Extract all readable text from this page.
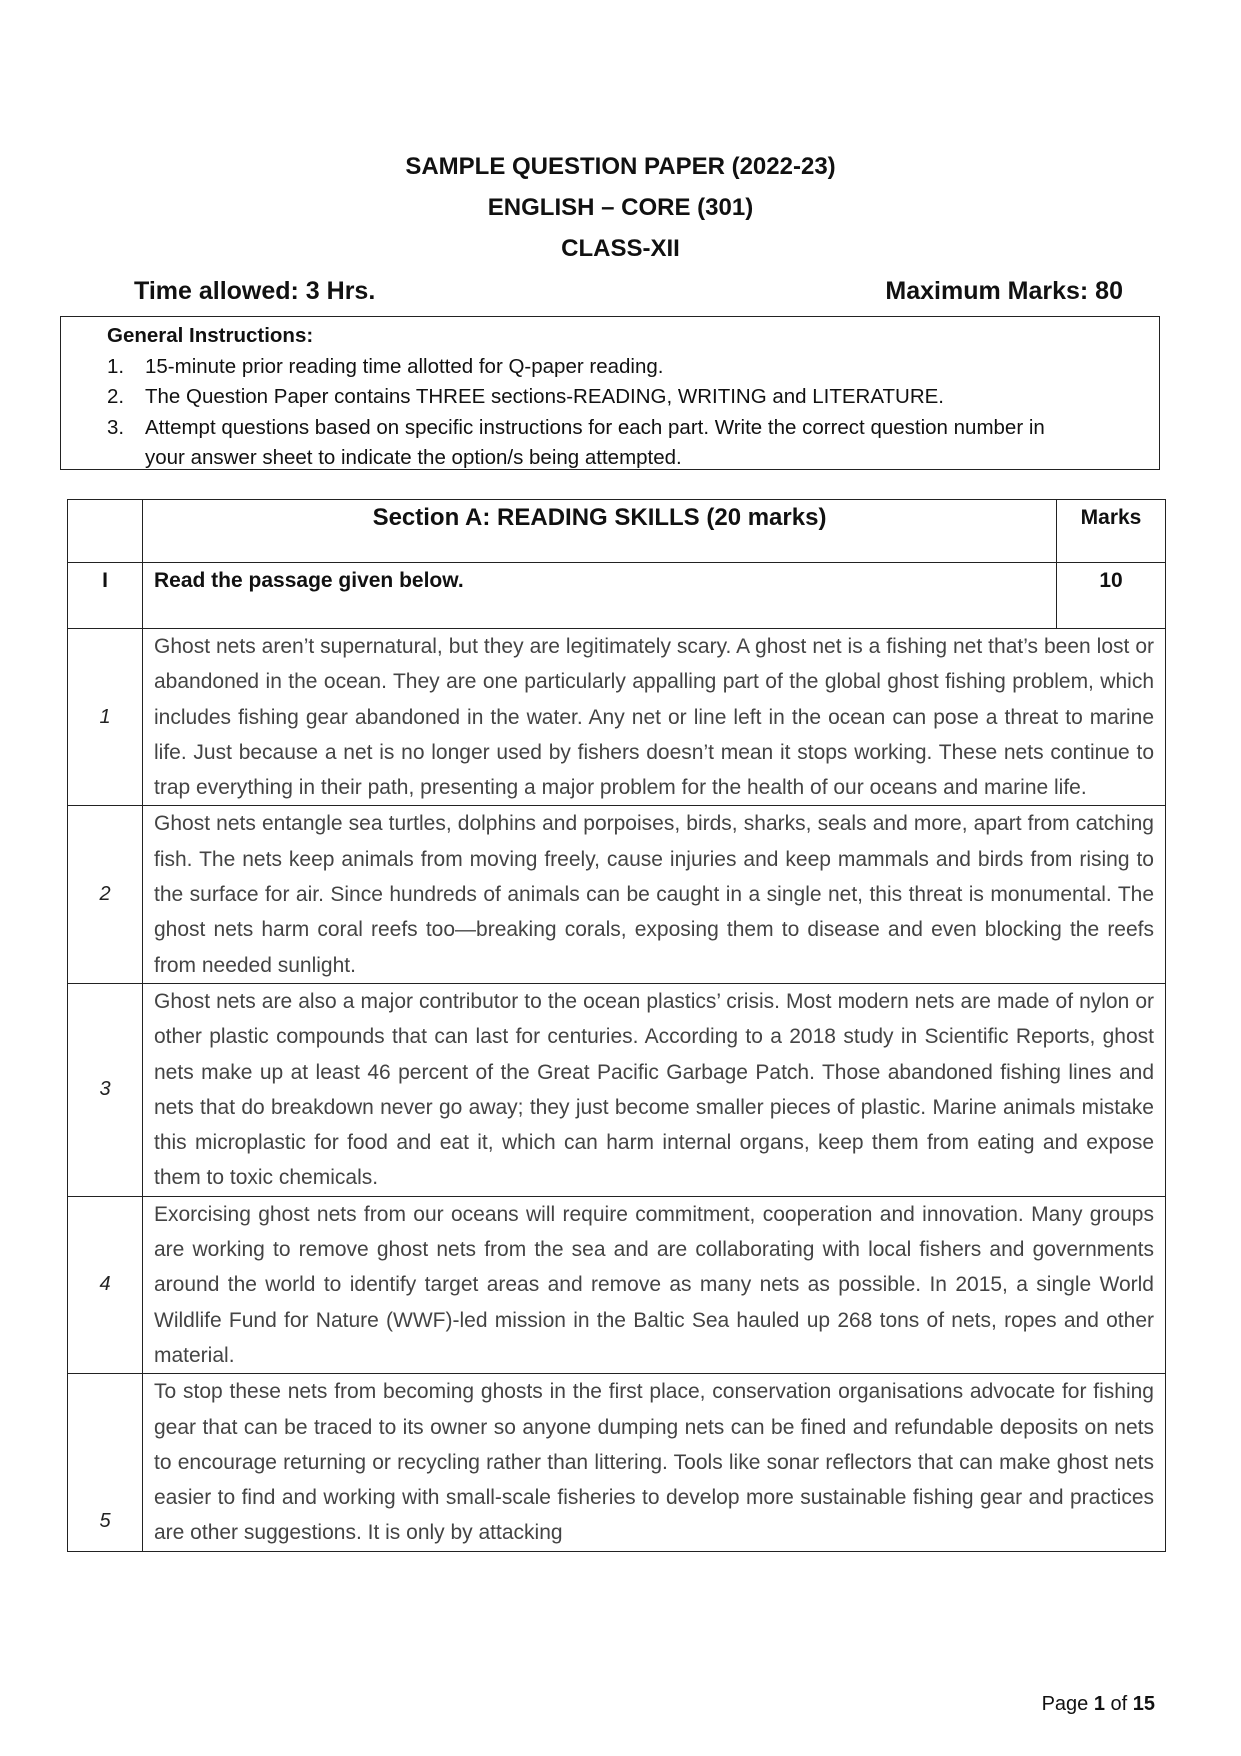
SAMPLE QUESTION PAPER (2022-23)
ENGLISH – CORE (301)
CLASS-XII
Time allowed: 3 Hrs.	Maximum Marks: 80
General Instructions:
1.	15-minute prior reading time allotted for Q-paper reading.
2.	The Question Paper contains THREE sections-READING, WRITING and LITERATURE.
3.	Attempt questions based on specific instructions for each part. Write the correct question number in your answer sheet to indicate the option/s being attempted.
	Section A: READING SKILLS (20 marks)	Marks
I	Read the passage given below.	10
1	Ghost nets aren’t supernatural, but they are legitimately scary. A ghost net is a fishing net that’s been lost or abandoned in the ocean. They are one particularly appalling part of the global ghost fishing problem, which includes fishing gear abandoned in the water. Any net or line left in the ocean can pose a threat to marine life. Just because a net is no longer used by fishers doesn’t mean it stops working. These nets continue to trap everything in their path, presenting a major problem for the health of our oceans and marine life.	
2	Ghost nets entangle sea turtles, dolphins and porpoises, birds, sharks, seals and more, apart from catching fish. The nets keep animals from moving freely, cause injuries and keep mammals and birds from rising to the surface for air. Since hundreds of animals can be caught in a single net, this threat is monumental. The ghost nets harm coral reefs too—breaking corals, exposing them to disease and even blocking the reefs from needed sunlight.	
3	Ghost nets are also a major contributor to the ocean plastics’ crisis. Most modern nets are made of nylon or other plastic compounds that can last for centuries. According to a 2018 study in Scientific Reports, ghost nets make up at least 46 percent of the Great Pacific Garbage Patch. Those abandoned fishing lines and nets that do breakdown never go away; they just become smaller pieces of plastic. Marine animals mistake this microplastic for food and eat it, which can harm internal organs, keep them from eating and expose them to toxic chemicals.	
4	Exorcising ghost nets from our oceans will require commitment, cooperation and innovation. Many groups are working to remove ghost nets from the sea and are collaborating with local fishers and governments around the world to identify target areas and remove as many nets as possible. In 2015, a single World Wildlife Fund for Nature (WWF)-led mission in the Baltic Sea hauled up 268 tons of nets, ropes and other material.	
5	To stop these nets from becoming ghosts in the first place, conservation organisations advocate for fishing gear that can be traced to its owner so anyone dumping nets can be fined and refundable deposits on nets to encourage returning or recycling rather than littering. Tools like sonar reflectors that can make ghost nets easier to find and working with small-scale fisheries to develop more sustainable fishing gear and practices are other suggestions. It is only by attacking	
Page 1 of 15
